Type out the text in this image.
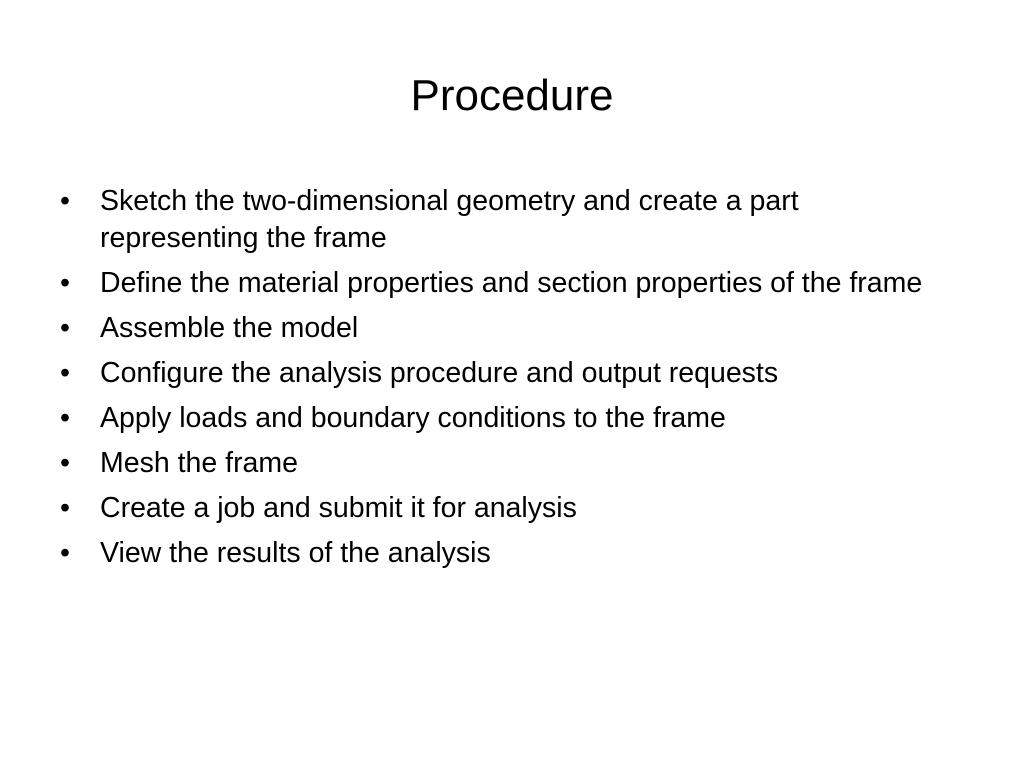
Procedure
•	Sketch the two-dimensional geometry and create a part representing the frame
•	Define the material properties and section properties of the frame
•	Assemble the model
•	Configure the analysis procedure and output requests
•	Apply loads and boundary conditions to the frame
•	Mesh the frame
•	Create a job and submit it for analysis
•	View the results of the analysis
